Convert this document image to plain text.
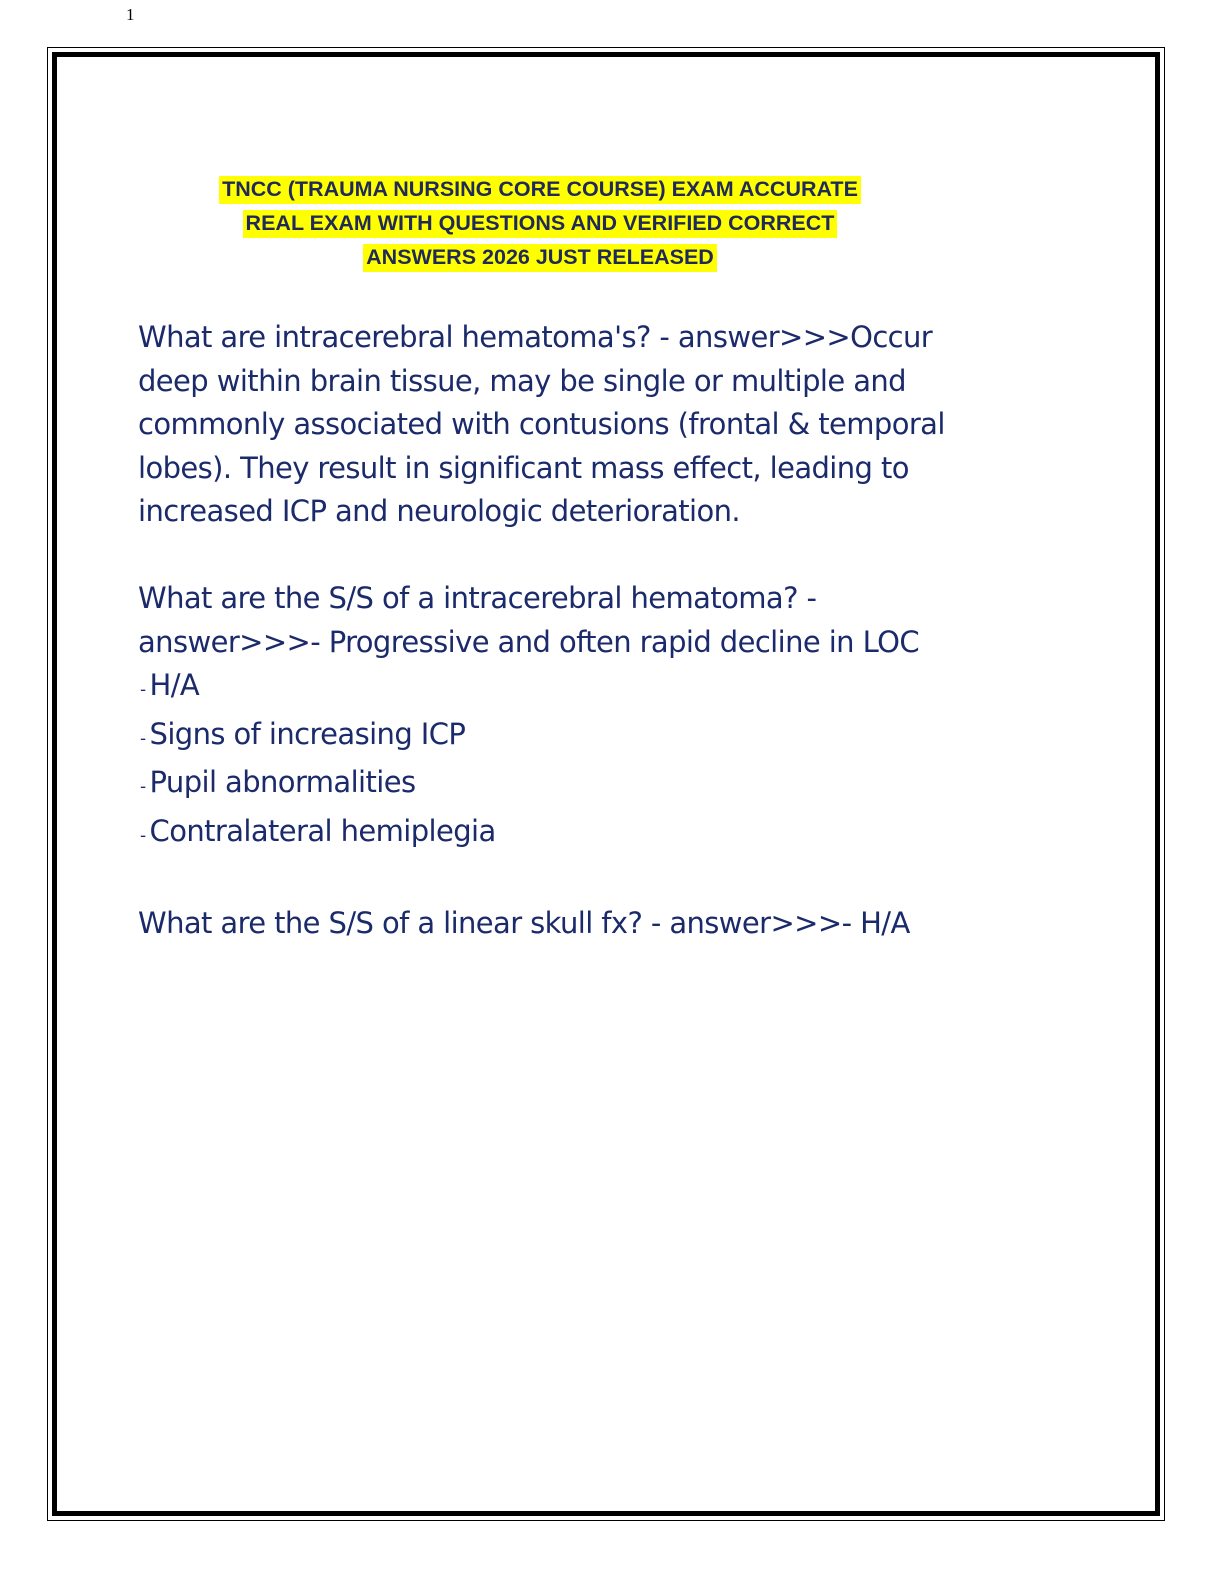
1
TNCC (TRAUMA NURSING CORE COURSE) EXAM ACCURATE
REAL EXAM WITH QUESTIONS AND VERIFIED CORRECT
ANSWERS 2026 JUST RELEASED

What are intracerebral hematoma's? - answer>>>Occur

deep within brain tissue, may be single or multiple and

commonly associated with contusions (frontal & temporal

lobes). They result in significant mass effect, leading to

increased ICP and neurologic deterioration.

What are the S/S of a intracerebral hematoma? -

answer>>>- Progressive and often rapid decline in LOC

- H/A
- Signs of increasing ICP
- Pupil abnormalities
- Contralateral hemiplegia

What are the S/S of a linear skull fx? - answer>>>- H/A
